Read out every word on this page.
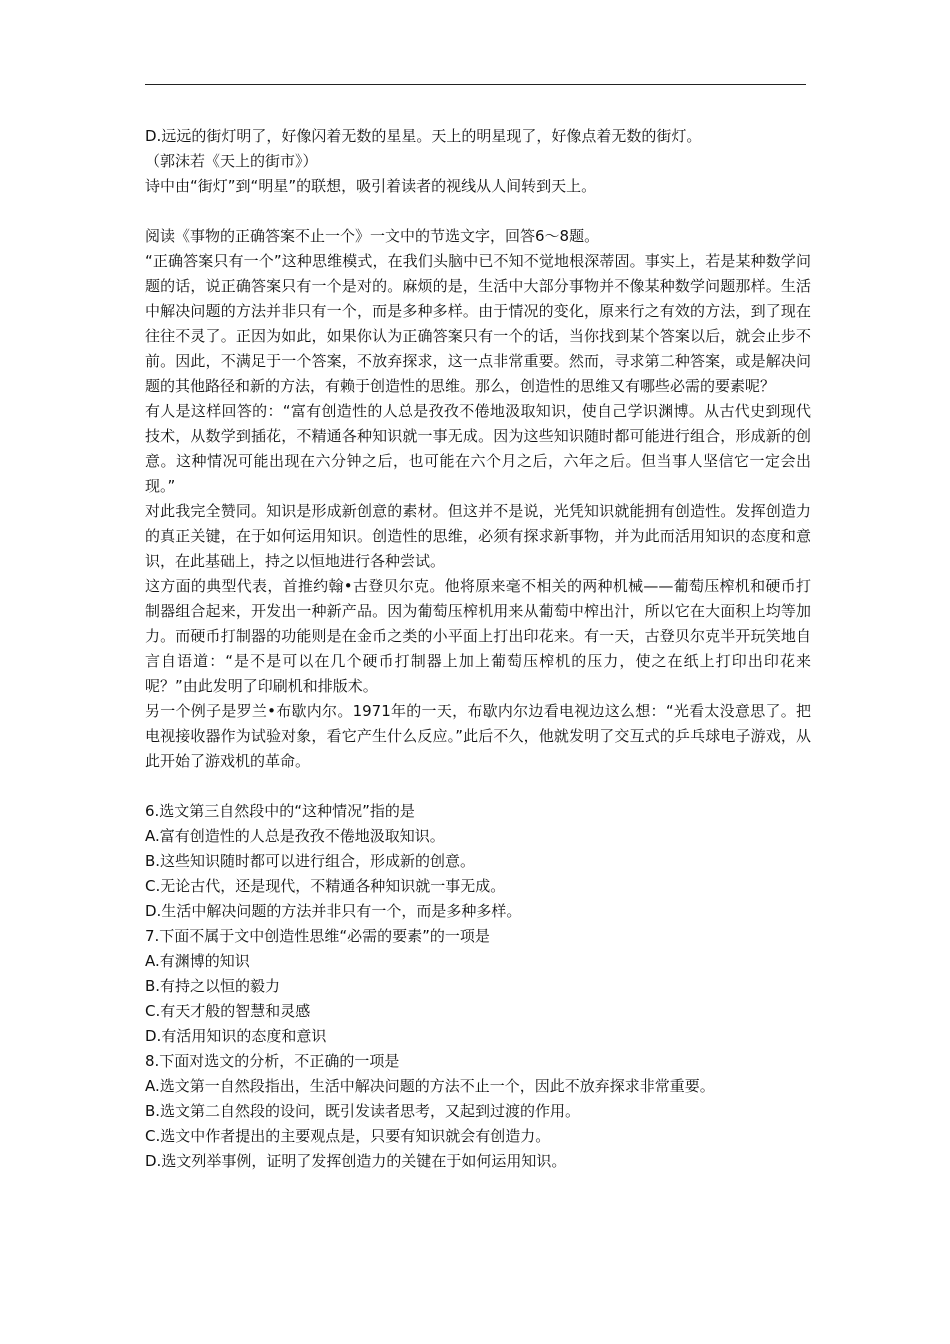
D.远远的街灯明了，好像闪着无数的星星。天上的明星现了，好像点着无数的街灯。
（郭沫若《天上的街市》）
诗中由“街灯”到“明星”的联想，吸引着读者的视线从人间转到天上。
阅读《事物的正确答案不止一个》一文中的节选文字，回答6～8题。
“正确答案只有一个”这种思维模式，在我们头脑中已不知不觉地根深蒂固。事实上，若是某种数学问题的话，说正确答案只有一个是对的。麻烦的是，生活中大部分事物并不像某种数学问题那样。生活中解决问题的方法并非只有一个，而是多种多样。由于情况的变化，原来行之有效的方法，到了现在往往不灵了。正因为如此，如果你认为正确答案只有一个的话，当你找到某个答案以后，就会止步不前。因此，不满足于一个答案，不放弃探求，这一点非常重要。然而，寻求第二种答案，或是解决问题的其他路径和新的方法，有赖于创造性的思维。那么，创造性的思维又有哪些必需的要素呢？
有人是这样回答的：“富有创造性的人总是孜孜不倦地汲取知识，使自己学识渊博。从古代史到现代技术，从数学到插花，不精通各种知识就一事无成。因为这些知识随时都可能进行组合，形成新的创意。这种情况可能出现在六分钟之后，也可能在六个月之后，六年之后。但当事人坚信它一定会出现。”
对此我完全赞同。知识是形成新创意的素材。但这并不是说，光凭知识就能拥有创造性。发挥创造力的真正关键，在于如何运用知识。创造性的思维，必须有探求新事物，并为此而活用知识的态度和意识，在此基础上，持之以恒地进行各种尝试。
这方面的典型代表，首推约翰•古登贝尔克。他将原来毫不相关的两种机械——葡萄压榨机和硬币打制器组合起来，开发出一种新产品。因为葡萄压榨机用来从葡萄中榨出汁，所以它在大面积上均等加力。而硬币打制器的功能则是在金币之类的小平面上打出印花来。有一天，古登贝尔克半开玩笑地自言自语道：“是不是可以在几个硬币打制器上加上葡萄压榨机的压力，使之在纸上打印出印花来呢？”由此发明了印刷机和排版术。
另一个例子是罗兰•布歇内尔。1971年的一天，布歇内尔边看电视边这么想：“光看太没意思了。把电视接收器作为试验对象，看它产生什么反应。”此后不久，他就发明了交互式的乒乓球电子游戏，从此开始了游戏机的革命。
6.选文第三自然段中的“这种情况”指的是
A.富有创造性的人总是孜孜不倦地汲取知识。
B.这些知识随时都可以进行组合，形成新的创意。
C.无论古代，还是现代，不精通各种知识就一事无成。
D.生活中解决问题的方法并非只有一个，而是多种多样。
7.下面不属于文中创造性思维“必需的要素”的一项是
A.有渊博的知识
B.有持之以恒的毅力
C.有天才般的智慧和灵感
D.有活用知识的态度和意识
8.下面对选文的分析，不正确的一项是
A.选文第一自然段指出，生活中解决问题的方法不止一个，因此不放弃探求非常重要。
B.选文第二自然段的设问，既引发读者思考，又起到过渡的作用。
C.选文中作者提出的主要观点是，只要有知识就会有创造力。
D.选文列举事例，证明了发挥创造力的关键在于如何运用知识。
